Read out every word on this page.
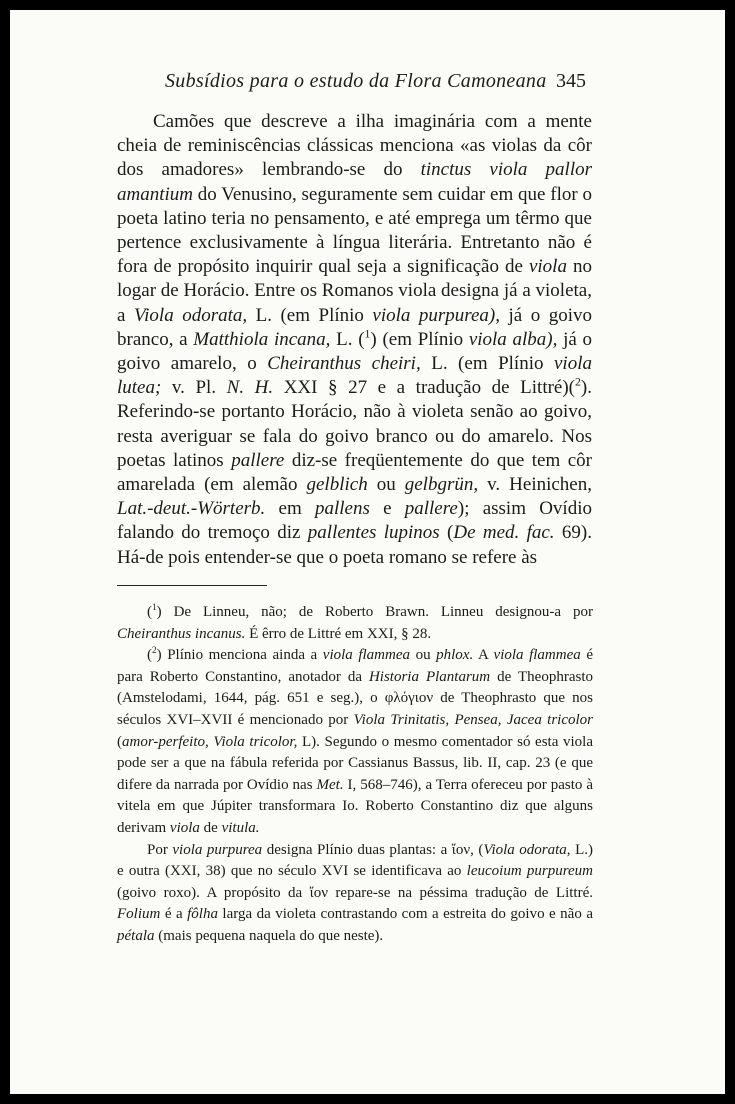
Subsídios para o estudo da Flora Camoneana 345

Camões que descreve a ilha imaginária com a mente cheia de reminiscências clássicas menciona «as violas da côr dos amadores» lembrando-se do tinctus viola pallor amantium do Venusino, seguramente sem cuidar em que flor o poeta latino teria no pensamento, e até emprega um têrmo que pertence exclusivamente à língua literária. Entretanto não é fora de propósito inquirir qual seja a significação de viola no logar de Horácio. Entre os Romanos viola designa já a violeta, a Viola odorata, L. (em Plínio viola purpurea), já o goivo branco, a Matthiola incana, L. ($^1$) (em Plínio viola alba), já o goivo amarelo, o Cheiranthus cheiri, L. (em Plínio viola lutea; v. Pl. N. H. XXI § 27 e a tradução de Littré)($^2$). Referindo-se portanto Horácio, não à violeta senão ao goivo, resta averiguar se fala do goivo branco ou do amarelo. Nos poetas latinos pallere diz-se freqüentemente do que tem côr amarelada (em alemão gelblich ou gelbgrün, v. Heinichen, Lat.-deut.-Wörterb. em pallens e pallere); assim Ovídio falando do tremoço diz pallentes lupinos (De med. fac. 69). Há-de pois entender-se que o poeta romano se refere às

($^1$) De Linneu, não; de Roberto Brawn. Linneu designou-a por Cheiranthus incanus. É êrro de Littré em XXI, § 28.

($^2$) Plínio menciona ainda a viola flammea ou phlox. A viola flammea é para Roberto Constantino, anotador da Historia Plantarum de Theophrasto (Amstelodami, 1644, pág. 651 e seg.), o φλόγιον de Theophrasto que nos séculos XVI–XVII é mencionado por Viola Trinitatis, Pensea, Jacea tricolor (amor-perfeito, Viola tricolor, L). Segundo o mesmo comentador só esta viola pode ser a que na fábula referida por Cassianus Bassus, lib. II, cap. 23 (e que difere da narrada por Ovídio nas Met. I, 568–746), a Terra ofereceu por pasto à vitela em que Júpiter transformara Io. Roberto Constantino diz que alguns derivam viola de vitula.

Por viola purpurea designa Plínio duas plantas: a ἴον, (Viola odorata, L.) e outra (XXI, 38) que no século XVI se identificava ao leucoium purpureum (goivo roxo). A propósito da ἴον repare-se na péssima tradução de Littré. Folium é a fôlha larga da violeta contrastando com a estreita do goivo e não a pétala (mais pequena naquela do que neste).
